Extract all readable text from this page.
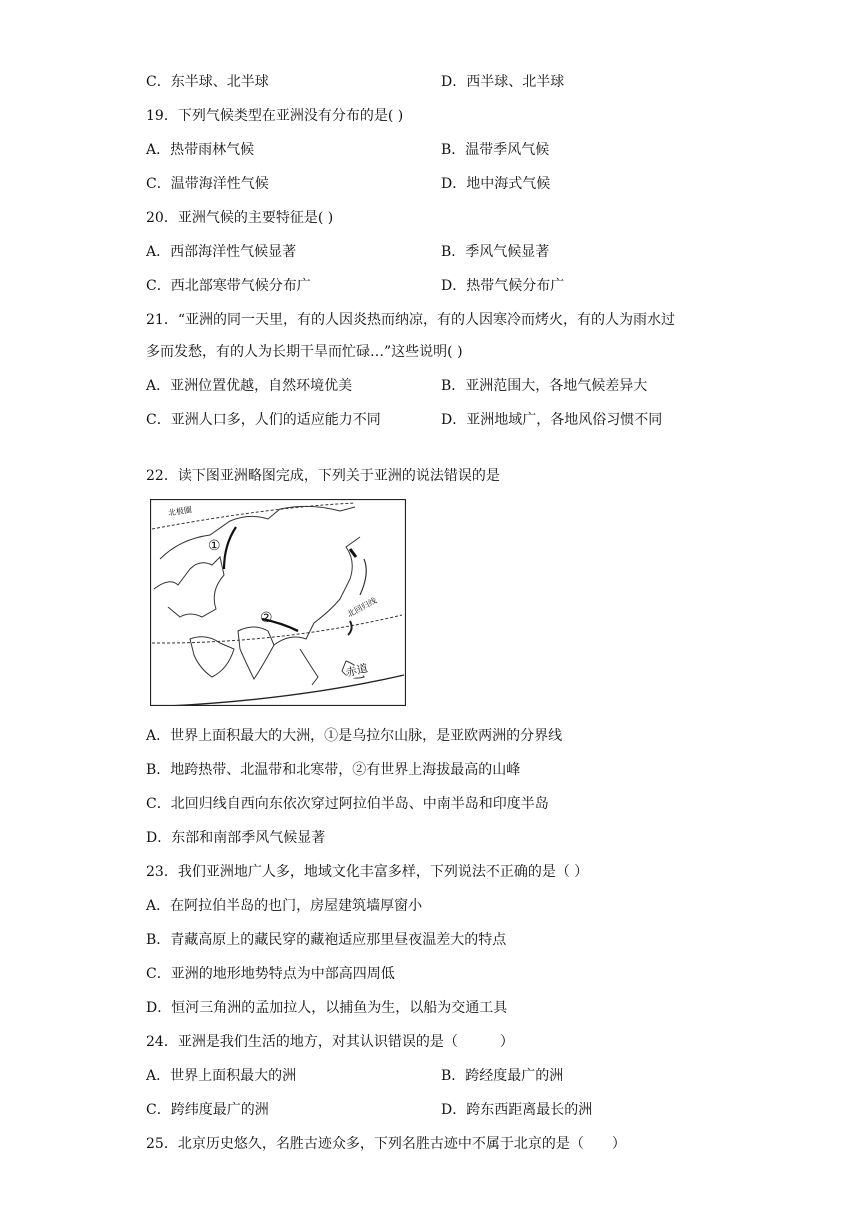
C．东半球、北半球	D．西半球、北半球
19．下列气候类型在亚洲没有分布的是( )
A．热带雨林气候	B．温带季风气候
C．温带海洋性气候	D．地中海式气候
20．亚洲气候的主要特征是( )
A．西部海洋性气候显著	B．季风气候显著
C．西北部寒带气候分布广	D．热带气候分布广
21．“亚洲的同一天里，有的人因炎热而纳凉，有的人因寒冷而烤火，有的人为雨水过
多而发愁，有的人为长期干旱而忙碌…”这些说明( )
A．亚洲位置优越，自然环境优美	B．亚洲范围大，各地气候差异大
C．亚洲人口多，人们的适应能力不同	D．亚洲地域广，各地风俗习惯不同
22．读下图亚洲略图完成，下列关于亚洲的说法错误的是
北极圈
北回归线
赤道
①
②
A．世界上面积最大的大洲，①是乌拉尔山脉，是亚欧两洲的分界线
B．地跨热带、北温带和北寒带，②有世界上海拔最高的山峰
C．北回归线自西向东依次穿过阿拉伯半岛、中南半岛和印度半岛
D．东部和南部季风气候显著
23．我们亚洲地广人多，地域文化丰富多样，下列说法不正确的是（ ）
A．在阿拉伯半岛的也门，房屋建筑墙厚窗小
B．青藏高原上的藏民穿的藏袍适应那里昼夜温差大的特点
C．亚洲的地形地势特点为中部高四周低
D．恒河三角洲的孟加拉人，以捕鱼为生，以船为交通工具
24．亚洲是我们生活的地方，对其认识错误的是（　　　）
A．世界上面积最大的洲	B．跨经度最广的洲
C．跨纬度最广的洲	D．跨东西距离最长的洲
25．北京历史悠久，名胜古迹众多，下列名胜古迹中不属于北京的是（　　）
